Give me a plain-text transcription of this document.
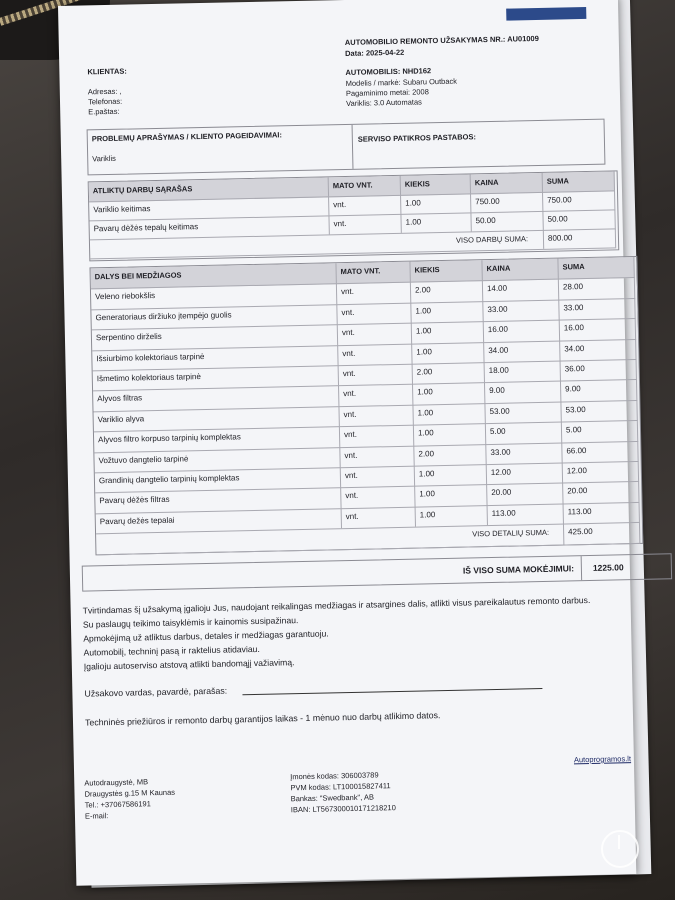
AUTOMOBILIO REMONTO UŽSAKYMAS NR.: AU01009
Data: 2025-04-22
KLIENTAS:
Adresas: ,
Telefonas:
E.paštas:
AUTOMOBILIS: NHD162
Modelis / markė: Subaru Outback
Pagaminimo metai: 2008
Variklis: 3.0 Automatas
PROBLEMŲ APRAŠYMAS / KLIENTO PAGEIDAVIMAI:
Variklis
SERVISO PATIKROS PASTABOS:
ATLIKTŲ DARBŲ SĄRAŠAS	MATO VNT.	KIEKIS	KAINA	SUMA
Variklio keitimas	vnt.	1.00	750.00	750.00
Pavarų dėžės tepalų keitimas	vnt.	1.00	50.00	50.00
VISO DARBŲ SUMA:	800.00
DALYS BEI MEDŽIAGOS	MATO VNT.	KIEKIS	KAINA	SUMA
Veleno riebokšlis	vnt.	2.00	14.00	28.00
Generatoriaus diržiuko įtempėjo guolis	vnt.	1.00	33.00	33.00
Serpentino dirželis	vnt.	1.00	16.00	16.00
Išsiurbimo kolektoriaus tarpinė	vnt.	1.00	34.00	34.00
Išmetimo kolektoriaus tarpinė	vnt.	2.00	18.00	36.00
Alyvos filtras	vnt.	1.00	9.00	9.00
Variklio alyva	vnt.	1.00	53.00	53.00
Alyvos filtro korpuso tarpinių komplektas	vnt.	1.00	5.00	5.00
Vožtuvo dangtelio tarpinė	vnt.	2.00	33.00	66.00
Grandinių dangtelio tarpinių komplektas	vnt.	1.00	12.00	12.00
Pavarų dėžės filtras	vnt.	1.00	20.00	20.00
Pavarų dežės tepalai	vnt.	1.00	113.00	113.00
VISO DETALIŲ SUMA:	425.00
IŠ VISO SUMA MOKĖJIMUI: 1225.00
Tvirtindamas šį užsakymą įgalioju Jus, naudojant reikalingas medžiagas ir atsargines dalis, atlikti visus pareikalautus remonto darbus.
Su paslaugų teikimo taisyklėmis ir kainomis susipažinau.
Apmokėjimą už atliktus darbus, detales ir medžiagas garantuoju.
Automobilį, techninį pasą ir raktelius atidaviau.
Įgalioju autoserviso atstovą atlikti bandomąjį važiavimą.
Užsakovo vardas, pavardė, parašas:
Techninės priežiūros ir remonto darbų garantijos laikas - 1 mėnuo nuo darbų atlikimo datos.
Autodraugystė, MB
Draugystės g.15 M Kaunas
Tel.: +37067586191
E-mail:
Įmonės kodas: 306003789
PVM kodas: LT100015827411
Bankas: "Swedbank", AB
IBAN: LT567300010171218210
Autoprogramos.lt
